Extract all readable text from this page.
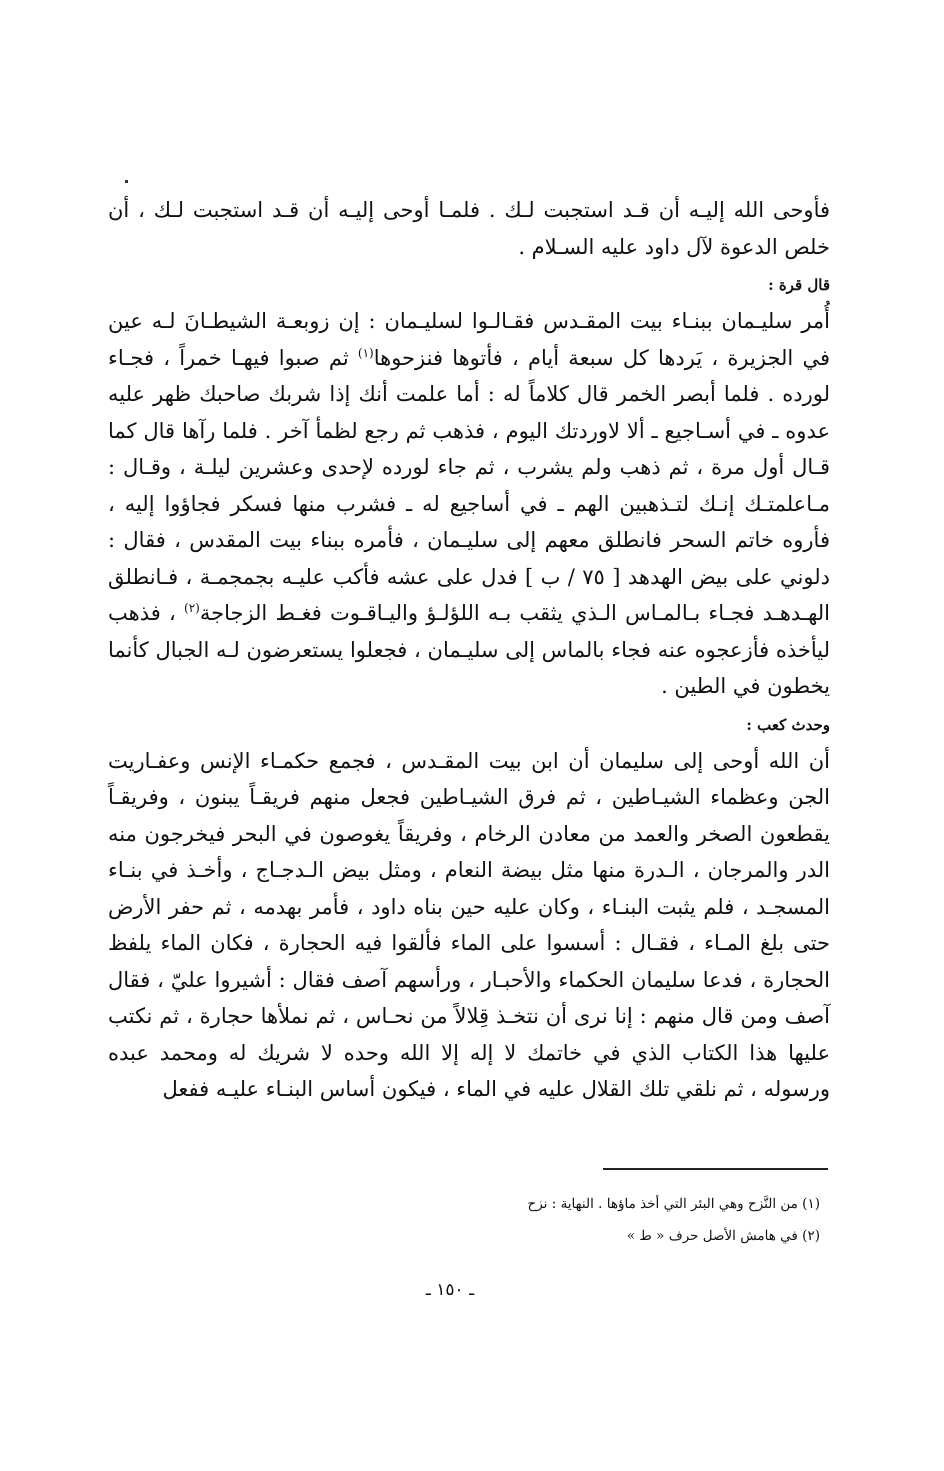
فأوحى الله إليـه أن قـد استجبت لـك . فلمـا أوحى إليـه أن قـد استجبت لـك ، أن خلص الدعوة لآل داود عليه السـلام .

قال قرة :

أُمر سليـمان ببنـاء بيت المقـدس فقـالـوا لسليـمان : إن زوبعـة الشيطـانَ لـه عين في الجزيرة ، يَردها كل سبعة أيام ، فأتوها فنزحوها$^{(١)}$ ثم صبوا فيهـا خمراً ، فجـاء لورده . فلما أبصر الخمر قال كلاماً له : أما علمت أنك إذا شربك صاحبك ظهر عليه عدوه ـ في أسـاجيع ـ ألا لاوردتك اليوم ، فذهب ثم رجع لظمأ آخر . فلما رآها قال كما قـال أول مرة ، ثم ذهب ولم يشرب ، ثم جاء لورده لإحدى وعشرين ليلـة ، وقـال : مـاعلمتـك إنـك لتـذهبين الهم ـ في أساجيع له ـ فشرب منها فسكر فجاؤوا إليه ، فأروه خاتم السحر فانطلق معهم إلى سليـمان ، فأمره ببناء بيت المقدس ، فقال : دلوني على بيض الهدهد [ ٧٥ / ب ] فدل على عشه فأكب عليـه بجمجمـة ، فـانطلق الهـدهـد فجـاء بـالمـاس الـذي يثقب بـه اللؤلـؤ واليـاقـوت فغـط الزجاجة$^{(٢)}$ ، فذهب ليأخذه فأزعجوه عنه فجاء بالماس إلى سليـمان ، فجعلوا يستعرضون لـه الجبال كأنما يخطون في الطين .

وحدث كعب :

أن الله أوحى إلى سليمان أن ابن بيت المقـدس ، فجمع حكمـاء الإنس وعفـاريت الجن وعظماء الشيـاطين ، ثم فرق الشيـاطين فجعل منهم فريقـاً يبنون ، وفريقـاً يقطعون الصخر والعمد من معادن الرخام ، وفريقاً يغوصون في البحر فيخرجون منه الدر والمرجان ، الـدرة منها مثل بيضة النعام ، ومثل بيض الـدجـاج ، وأخـذ في بنـاء المسجـد ، فلم يثبت البنـاء ، وكان عليه حين بناه داود ، فأمر بهدمه ، ثم حفر الأرض حتى بلغ المـاء ، فقـال : أسسوا على الماء فألقوا فيه الحجارة ، فكان الماء يلفظ الحجارة ، فدعا سليمان الحكماء والأحبـار ، ورأسهم آصف فقال : أشيروا عليّ ، فقال آصف ومن قال منهم : إنا نرى أن نتخـذ قِلالاً من نحـاس ، ثم نملأها حجارة ، ثم نكتب عليها هذا الكتاب الذي في خاتمك لا إله إلا الله وحده لا شريك له ومحمد عبده ورسوله ، ثم نلقي تلك القلال عليه في الماء ، فيكون أساس البنـاء عليـه ففعل

(١) من النَّزح وهي البئر التي أخذ ماؤها . النهاية : نزح

(٢) في هامش الأصل حرف « ط »

ـ ١٥٠ ـ
